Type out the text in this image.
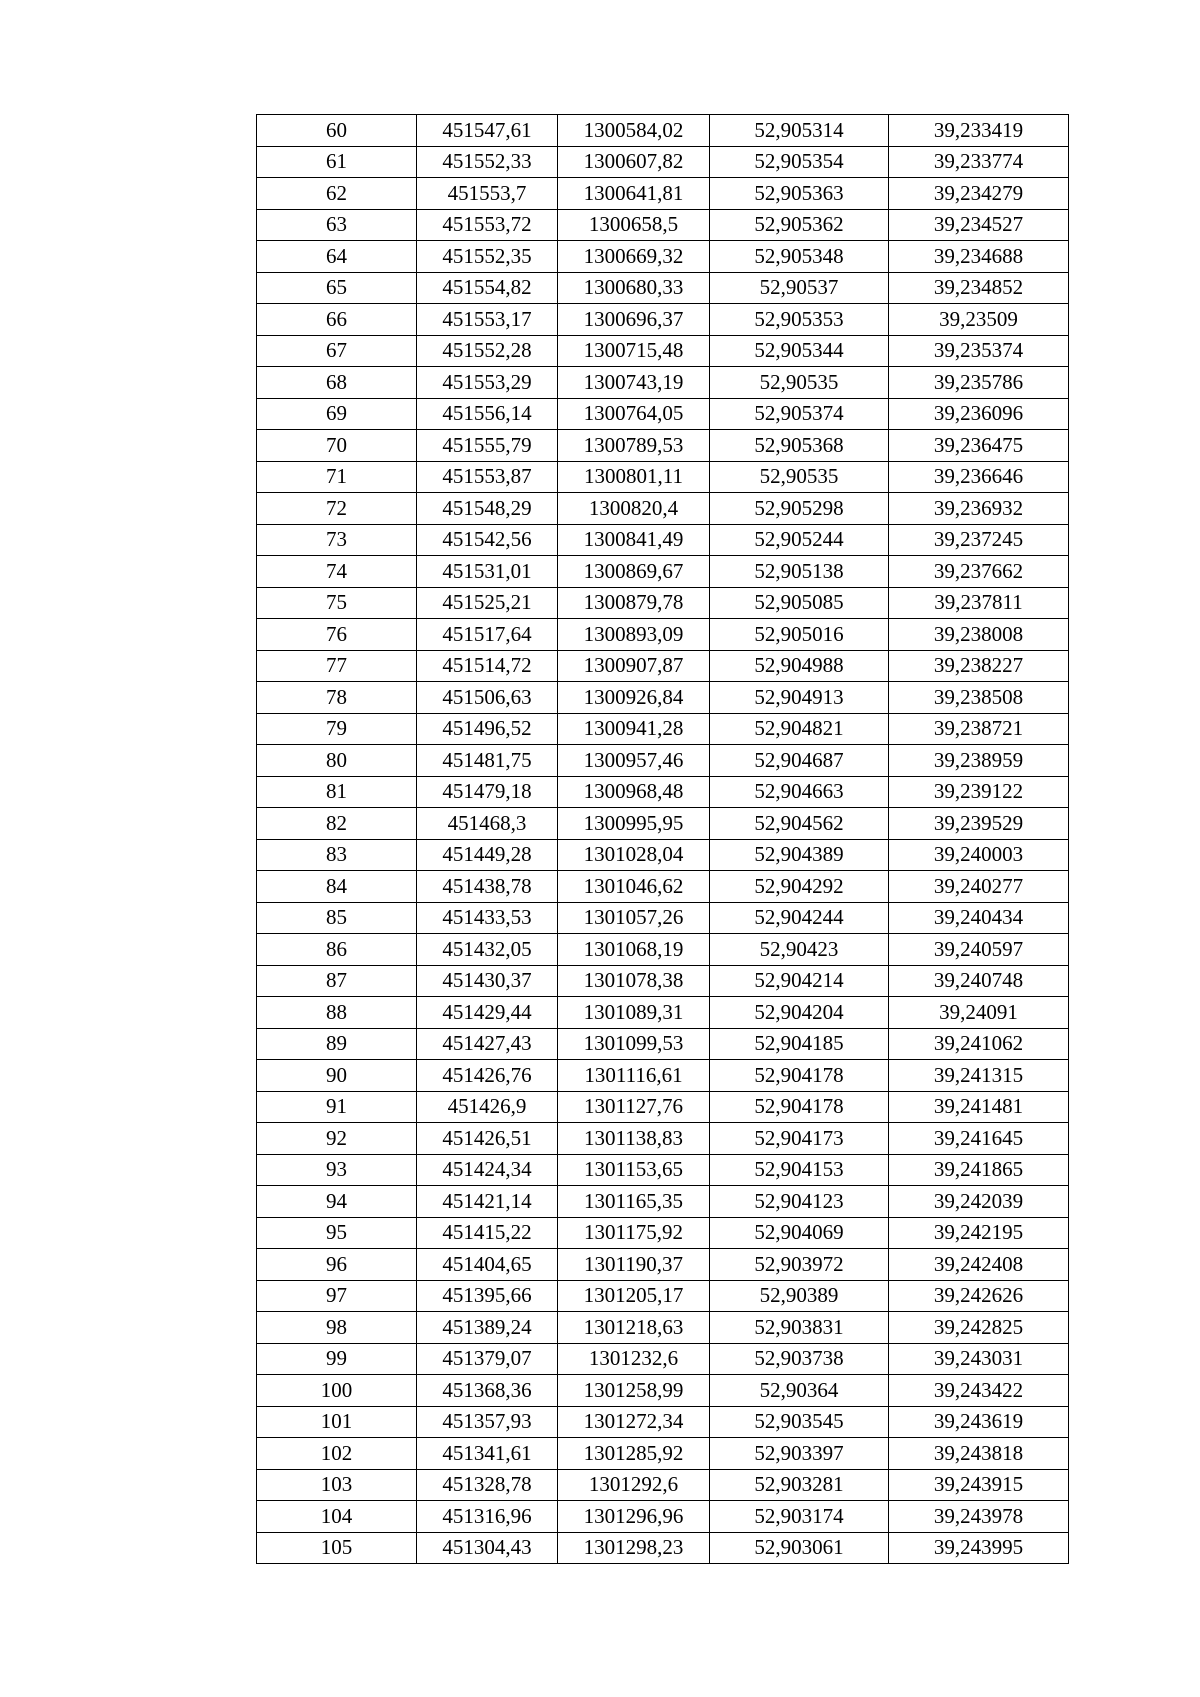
60	451547,61	1300584,02	52,905314	39,233419
61	451552,33	1300607,82	52,905354	39,233774
62	451553,7	1300641,81	52,905363	39,234279
63	451553,72	1300658,5	52,905362	39,234527
64	451552,35	1300669,32	52,905348	39,234688
65	451554,82	1300680,33	52,90537	39,234852
66	451553,17	1300696,37	52,905353	39,23509
67	451552,28	1300715,48	52,905344	39,235374
68	451553,29	1300743,19	52,90535	39,235786
69	451556,14	1300764,05	52,905374	39,236096
70	451555,79	1300789,53	52,905368	39,236475
71	451553,87	1300801,11	52,90535	39,236646
72	451548,29	1300820,4	52,905298	39,236932
73	451542,56	1300841,49	52,905244	39,237245
74	451531,01	1300869,67	52,905138	39,237662
75	451525,21	1300879,78	52,905085	39,237811
76	451517,64	1300893,09	52,905016	39,238008
77	451514,72	1300907,87	52,904988	39,238227
78	451506,63	1300926,84	52,904913	39,238508
79	451496,52	1300941,28	52,904821	39,238721
80	451481,75	1300957,46	52,904687	39,238959
81	451479,18	1300968,48	52,904663	39,239122
82	451468,3	1300995,95	52,904562	39,239529
83	451449,28	1301028,04	52,904389	39,240003
84	451438,78	1301046,62	52,904292	39,240277
85	451433,53	1301057,26	52,904244	39,240434
86	451432,05	1301068,19	52,90423	39,240597
87	451430,37	1301078,38	52,904214	39,240748
88	451429,44	1301089,31	52,904204	39,24091
89	451427,43	1301099,53	52,904185	39,241062
90	451426,76	1301116,61	52,904178	39,241315
91	451426,9	1301127,76	52,904178	39,241481
92	451426,51	1301138,83	52,904173	39,241645
93	451424,34	1301153,65	52,904153	39,241865
94	451421,14	1301165,35	52,904123	39,242039
95	451415,22	1301175,92	52,904069	39,242195
96	451404,65	1301190,37	52,903972	39,242408
97	451395,66	1301205,17	52,90389	39,242626
98	451389,24	1301218,63	52,903831	39,242825
99	451379,07	1301232,6	52,903738	39,243031
100	451368,36	1301258,99	52,90364	39,243422
101	451357,93	1301272,34	52,903545	39,243619
102	451341,61	1301285,92	52,903397	39,243818
103	451328,78	1301292,6	52,903281	39,243915
104	451316,96	1301296,96	52,903174	39,243978
105	451304,43	1301298,23	52,903061	39,243995
